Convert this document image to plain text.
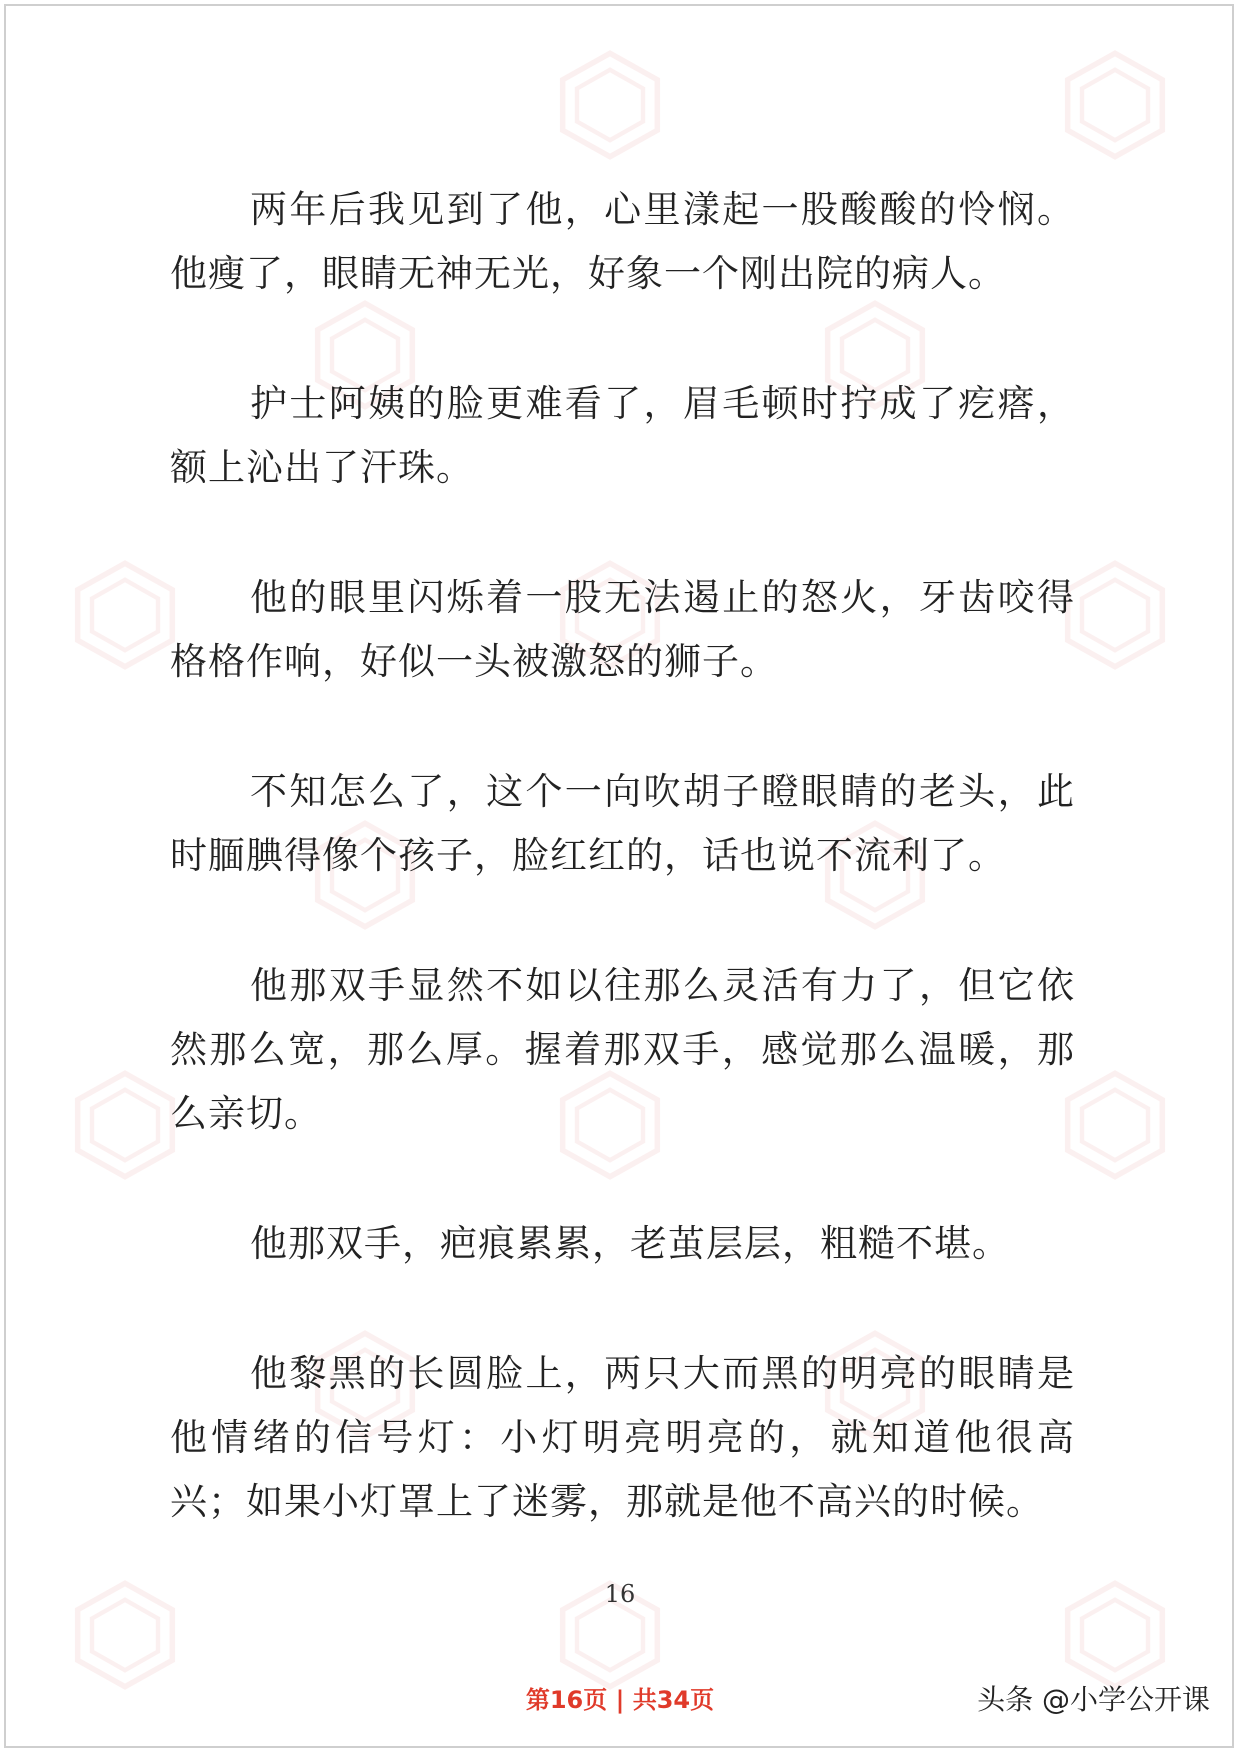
两年后我见到了他，心里漾起一股酸酸的怜悯。他瘦了，眼睛无神无光，好象一个刚出院的病人。

护士阿姨的脸更难看了，眉毛顿时拧成了疙瘩，额上沁出了汗珠。

他的眼里闪烁着一股无法遏止的怒火，牙齿咬得格格作响，好似一头被激怒的狮子。

不知怎么了，这个一向吹胡子瞪眼睛的老头，此时腼腆得像个孩子，脸红红的，话也说不流利了。

他那双手显然不如以往那么灵活有力了，但它依然那么宽，那么厚。握着那双手，感觉那么温暖，那么亲切。

他那双手，疤痕累累，老茧层层，粗糙不堪。

他黎黑的长圆脸上，两只大而黑的明亮的眼睛是他情绪的信号灯：小灯明亮明亮的，就知道他很高兴；如果小灯罩上了迷雾，那就是他不高兴的时候。

16
第16页 | 共34页	头条 @小学公开课
